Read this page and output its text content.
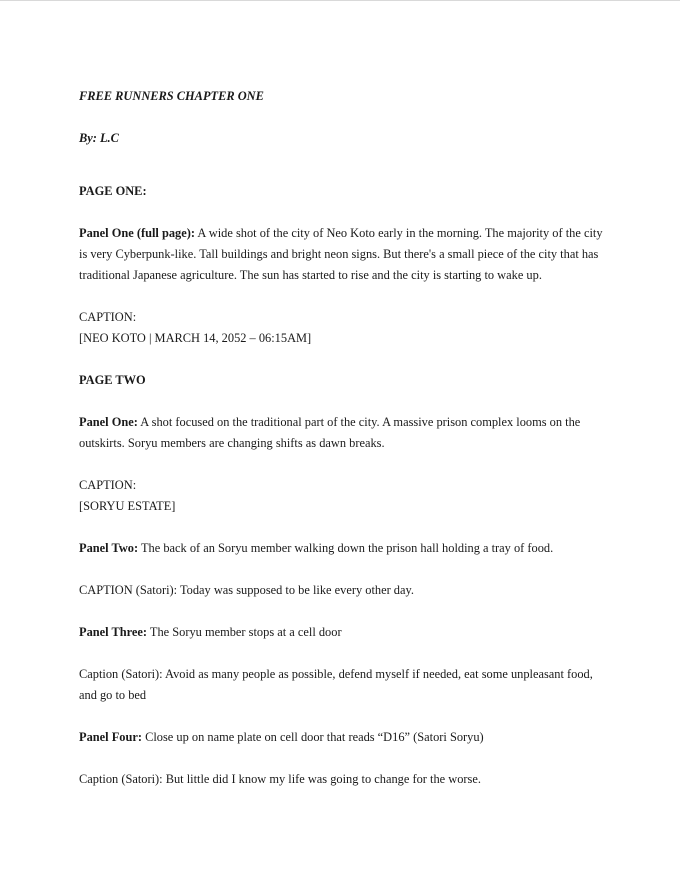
FREE RUNNERS CHAPTER ONE

By: L.C

PAGE ONE:

Panel One (full page): A wide shot of the city of Neo Koto early in the morning. The majority of the city is very Cyberpunk-like. Tall buildings and bright neon signs. But there's a small piece of the city that has traditional Japanese agriculture. The sun has started to rise and the city is starting to wake up.

CAPTION:

[NEO KOTO | MARCH 14, 2052 – 06:15AM]

PAGE TWO

Panel One: A shot focused on the traditional part of the city. A massive prison complex looms on the outskirts. Soryu members are changing shifts as dawn breaks.

CAPTION:

[SORYU ESTATE]

Panel Two: The back of an Soryu member walking down the prison hall holding a tray of food.

CAPTION (Satori): Today was supposed to be like every other day.

Panel Three: The Soryu member stops at a cell door

Caption (Satori): Avoid as many people as possible, defend myself if needed, eat some unpleasant food, and go to bed

Panel Four: Close up on name plate on cell door that reads “D16” (Satori Soryu)

Caption (Satori): But little did I know my life was going to change for the worse.
